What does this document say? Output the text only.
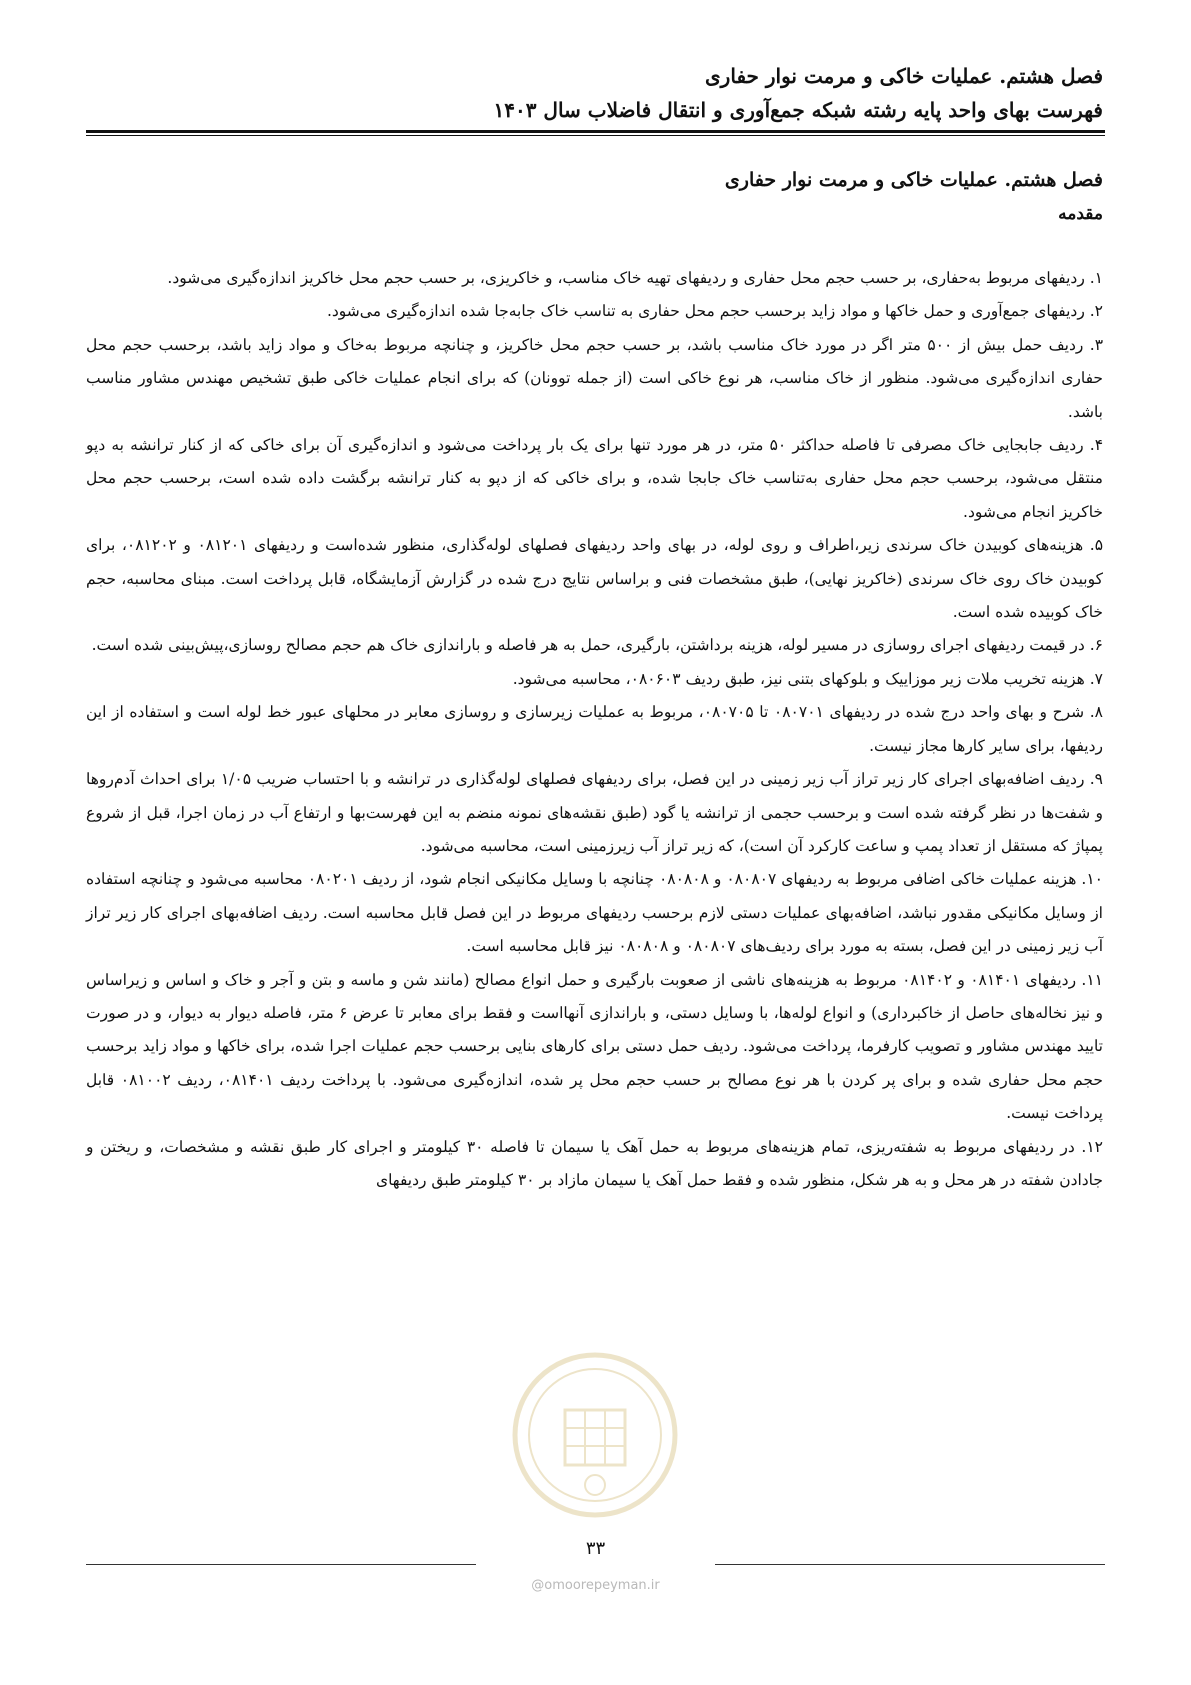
فصل هشتم. عملیات خاکی و مرمت نوار حفاری
فهرست بهای واحد پایه رشته شبکه جمع‌آوری و انتقال فاضلاب سال ۱۴۰۳
فصل هشتم. عملیات خاکی و مرمت نوار حفاری
مقدمه

۱. ردیفهای مربوط به‌حفاری، بر حسب حجم محل حفاری و ردیفهای تهیه خاک مناسب، و خاکریزی، بر حسب حجم محل خاکریز اندازه‌گیری می‌شود.

۲. ردیفهای جمع‌آوری و حمل خاکها و مواد زاید برحسب حجم محل حفاری به تناسب خاک جابه‌جا شده اندازه‌گیری می‌شود.

۳. ردیف حمل بیش از ۵۰۰ متر اگر در مورد خاک مناسب باشد، بر حسب حجم محل خاکریز، و چنانچه مربوط به‌خاک و مواد زاید باشد، برحسب حجم محل حفاری اندازه‌گیری می‌شود. منظور از خاک مناسب، هر نوع خاکی است (از جمله توونان) که برای انجام عملیات خاکی طبق تشخیص مهندس مشاور مناسب باشد.

۴. ردیف جابجایی خاک مصرفی تا فاصله حداکثر ۵۰ متر، در هر مورد تنها برای یک بار پرداخت می‌شود و اندازه‌گیری آن برای خاکی که از کنار ترانشه به دپو منتقل می‌شود، برحسب حجم محل حفاری به‌تناسب خاک جابجا شده، و برای خاکی که از دپو به کنار ترانشه برگشت داده شده است، برحسب حجم محل خاکریز انجام می‌شود.

۵. هزینه‌های کوبیدن خاک سرندی زیر،اطراف و روی لوله، در بهای واحد ردیفهای فصلهای لوله‌گذاری، منظور شده‌است و ردیفهای ۰۸۱۲۰۱ و ۰۸۱۲۰۲، برای کوبیدن خاک روی خاک سرندی (خاکریز نهایی)، طبق مشخصات فنی و براساس نتایج درج شده در گزارش آزمایشگاه، قابل پرداخت است. مبنای محاسبه، حجم خاک کوبیده شده است.

۶. در قیمت ردیفهای اجرای روسازی در مسیر لوله، هزینه برداشتن، بارگیری، حمل به هر فاصله و باراندازی خاک هم حجم مصالح روسازی،پیش‌بینی شده است.

۷. هزینه تخریب ملات زیر موزاییک و بلوکهای بتنی نیز، طبق ردیف ۰۸۰۶۰۳، محاسبه می‌شود.

۸. شرح و بهای واحد درج شده در ردیفهای ۰۸۰۷۰۱ تا ۰۸۰۷۰۵، مربوط به عملیات زیرسازی و روسازی معابر در محلهای عبور خط لوله است و استفاده از این ردیفها، برای سایر کارها مجاز نیست.

۹. ردیف اضافه‌بهای اجرای کار زیر تراز آب زیر زمینی در این فصل، برای ردیفهای فصلهای لوله‌گذاری در ترانشه و با احتساب ضریب ۱/۰۵ برای احداث آدم‌روها و شفت‌ها در نظر گرفته شده است و برحسب حجمی از ترانشه یا گود (طبق نقشه‌های نمونه منضم به این فهرست‌بها و ارتفاع آب در زمان اجرا، قبل از شروع پمپاژ که مستقل از تعداد پمپ و ساعت کارکرد آن است)، که زیر تراز آب زیرزمینی است، محاسبه می‌شود.

۱۰. هزینه عملیات خاکی اضافی مربوط به ردیفهای ۰۸۰۸۰۷ و ۰۸۰۸۰۸ چنانچه با وسایل مکانیکی انجام شود، از ردیف ۰۸۰۲۰۱ محاسبه می‌شود و چنانچه استفاده از وسایل مکانیکی مقدور نباشد، اضافه‌بهای عملیات دستی لازم برحسب ردیفهای مربوط در این فصل قابل محاسبه است. ردیف اضافه‌بهای اجرای کار زیر تراز آب زیر زمینی در این فصل، بسته به مورد برای ردیف‌های ۰۸۰۸۰۷ و ۰۸۰۸۰۸ نیز قابل محاسبه است.

۱۱. ردیفهای ۰۸۱۴۰۱ و ۰۸۱۴۰۲ مربوط به هزینه‌های ناشی از صعوبت بارگیری و حمل انواع مصالح (مانند شن و ماسه و بتن و آجر و خاک و اساس و زیراساس و نیز نخاله‌های حاصل از خاکبرداری) و انواع لوله‌ها، با وسایل دستی، و باراندازی آنهااست و فقط برای معابر تا عرض ۶ متر، فاصله دیوار به دیوار، و در صورت تایید مهندس مشاور و تصویب کارفرما، پرداخت می‌شود. ردیف حمل دستی برای کارهای بنایی برحسب حجم عملیات اجرا شده، برای خاکها و مواد زاید برحسب حجم محل حفاری شده و برای پر کردن با هر نوع مصالح بر حسب حجم محل پر شده، اندازه‌گیری می‌شود. با پرداخت ردیف ۰۸۱۴۰۱، ردیف ۰۸۱۰۰۲ قابل پرداخت نیست.

۱۲. در ردیفهای مربوط به شفته‌ریزی، تمام هزینه‌های مربوط به حمل آهک یا سیمان تا فاصله ۳۰ کیلومتر و اجرای کار طبق نقشه و مشخصات، و ریختن و جادادن شفته در هر محل و به هر شکل، منظور شده و فقط حمل آهک یا سیمان مازاد بر ۳۰ کیلومتر طبق ردیفهای

۳۳
@omoorepeyman.ir
